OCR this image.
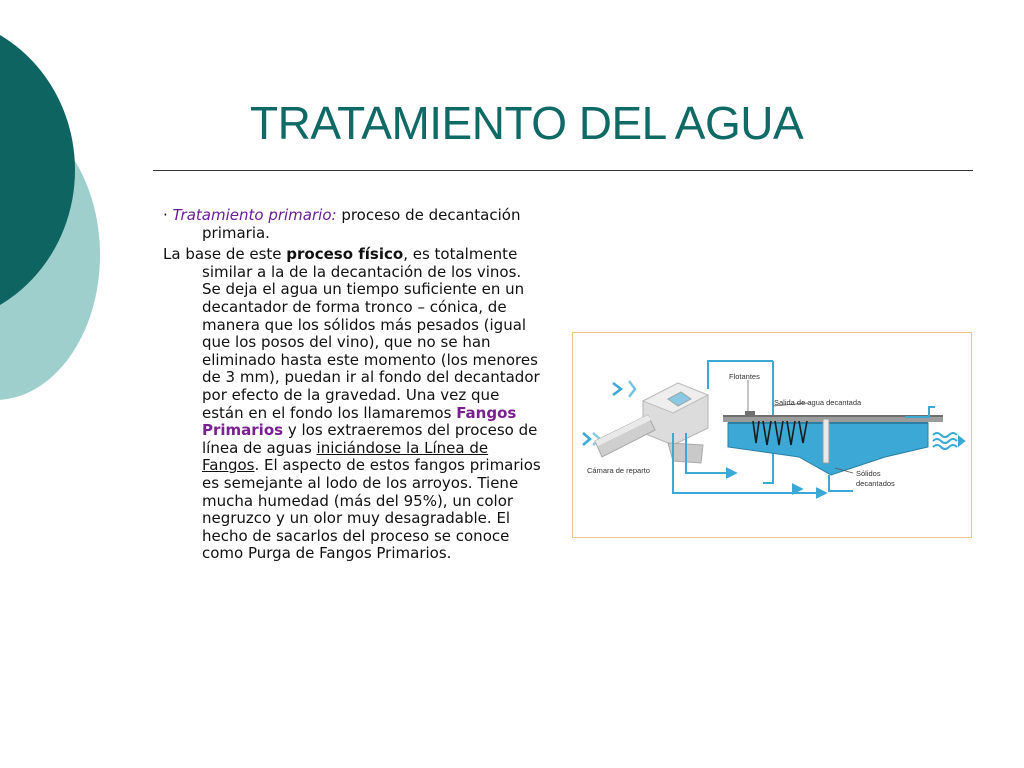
TRATAMIENTO DEL AGUA

· Tratamiento primario: proceso de decantación primaria.

La base de este proceso físico, es totalmente similar a la de la decantación de los vinos. Se deja el agua un tiempo suficiente en un decantador de forma tronco – cónica, de manera que los sólidos más pesados (igual que los posos del vino), que no se han eliminado hasta este momento (los menores de 3 mm), puedan ir al fondo del decantador por efecto de la gravedad. Una vez que están en el fondo los llamaremos Fangos Primarios y los extraeremos del proceso de línea de aguas iniciándose la Línea de Fangos. El aspecto de estos fangos primarios es semejante al lodo de los arroyos. Tiene mucha humedad (más del 95%), un color negruzco y un olor muy desagradable. El hecho de sacarlos del proceso se conoce como Purga de Fangos Primarios.

Flotantes
Salida de agua decantada
Cámara de reparto	Sólidos
decantados
